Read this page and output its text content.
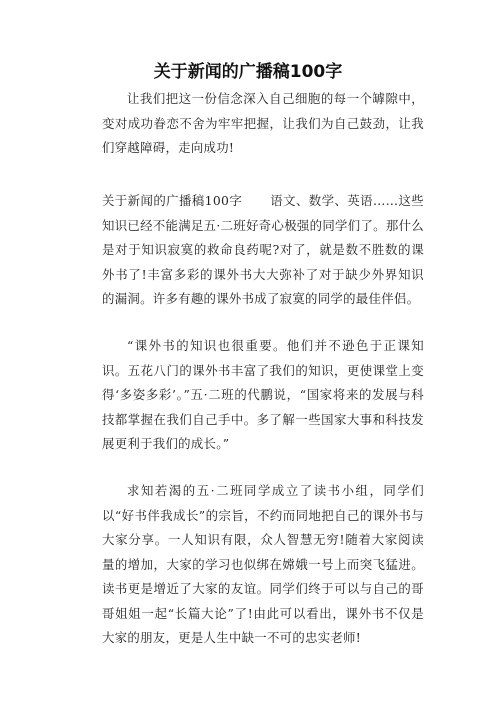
关于新闻的广播稿100字

让我们把这一份信念深入自己细胞的每一个罅隙中，变对成功眷恋不舍为牢牢把握，让我们为自己鼓劲，让我们穿越障碍，走向成功!

关于新闻的广播稿100字 语文、数学、英语……这些知识已经不能满足五·二班好奇心极强的同学们了。那什么是对于知识寂寞的救命良药呢?对了，就是数不胜数的课外书了!丰富多彩的课外书大大弥补了对于缺少外界知识的漏洞。许多有趣的课外书成了寂寞的同学的最佳伴侣。

“课外书的知识也很重要。他们并不逊色于正课知识。五花八门的课外书丰富了我们的知识，更使课堂上变得‘多姿多彩’。”五·二班的代鹏说，“国家将来的发展与科技都掌握在我们自己手中。多了解一些国家大事和科技发展更利于我们的成长。”

求知若渴的五·二班同学成立了读书小组，同学们以“好书伴我成长”的宗旨，不约而同地把自己的课外书与大家分享。一人知识有限，众人智慧无穷!随着大家阅读量的增加，大家的学习也似绑在嫦娥一号上而突飞猛进。读书更是增近了大家的友谊。同学们终于可以与自己的哥哥姐姐一起“长篇大论”了!由此可以看出，课外书不仅是大家的朋友，更是人生中缺一不可的忠实老师!
